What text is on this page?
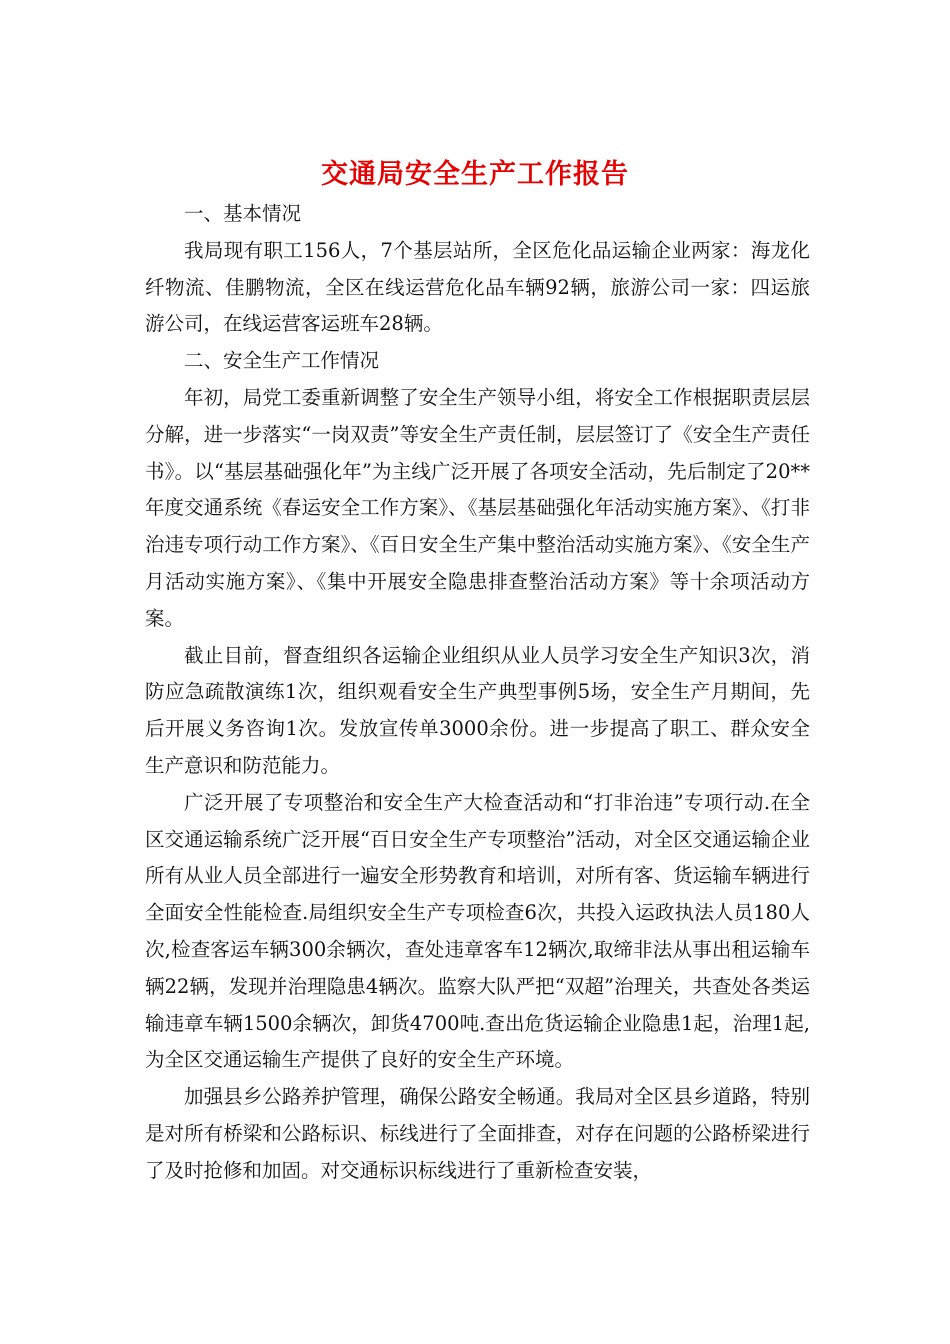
交通局安全生产工作报告

一、基本情况

我局现有职工156人，7个基层站所，全区危化品运输企业两家：海龙化纤物流、佳鹏物流，全区在线运营危化品车辆92辆，旅游公司一家：四运旅游公司，在线运营客运班车28辆。

二、安全生产工作情况

年初，局党工委重新调整了安全生产领导小组，将安全工作根据职责层层分解，进一步落实“一岗双责”等安全生产责任制，层层签订了《安全生产责任书》。以“基层基础强化年”为主线广泛开展了各项安全活动，先后制定了20**年度交通系统《春运安全工作方案》、《基层基础强化年活动实施方案》、《打非治违专项行动工作方案》、《百日安全生产集中整治活动实施方案》、《安全生产月活动实施方案》、《集中开展安全隐患排查整治活动方案》等十余项活动方案。

截止目前，督查组织各运输企业组织从业人员学习安全生产知识3次，消防应急疏散演练1次，组织观看安全生产典型事例5场，安全生产月期间，先后开展义务咨询1次。发放宣传单3000余份。进一步提高了职工、群众安全生产意识和防范能力。

广泛开展了专项整治和安全生产大检查活动和“打非治违”专项行动.在全区交通运输系统广泛开展“百日安全生产专项整治”活动，对全区交通运输企业所有从业人员全部进行一遍安全形势教育和培训，对所有客、货运输车辆进行全面安全性能检查.局组织安全生产专项检查6次，共投入运政执法人员180人次,检查客运车辆300余辆次，查处违章客车12辆次,取缔非法从事出租运输车辆22辆，发现并治理隐患4辆次。监察大队严把“双超”治理关，共查处各类运输违章车辆1500余辆次，卸货4700吨.查出危货运输企业隐患1起，治理1起,为全区交通运输生产提供了良好的安全生产环境。

加强县乡公路养护管理，确保公路安全畅通。我局对全区县乡道路，特别是对所有桥梁和公路标识、标线进行了全面排查，对存在问题的公路桥梁进行了及时抢修和加固。对交通标识标线进行了重新检查安装，
